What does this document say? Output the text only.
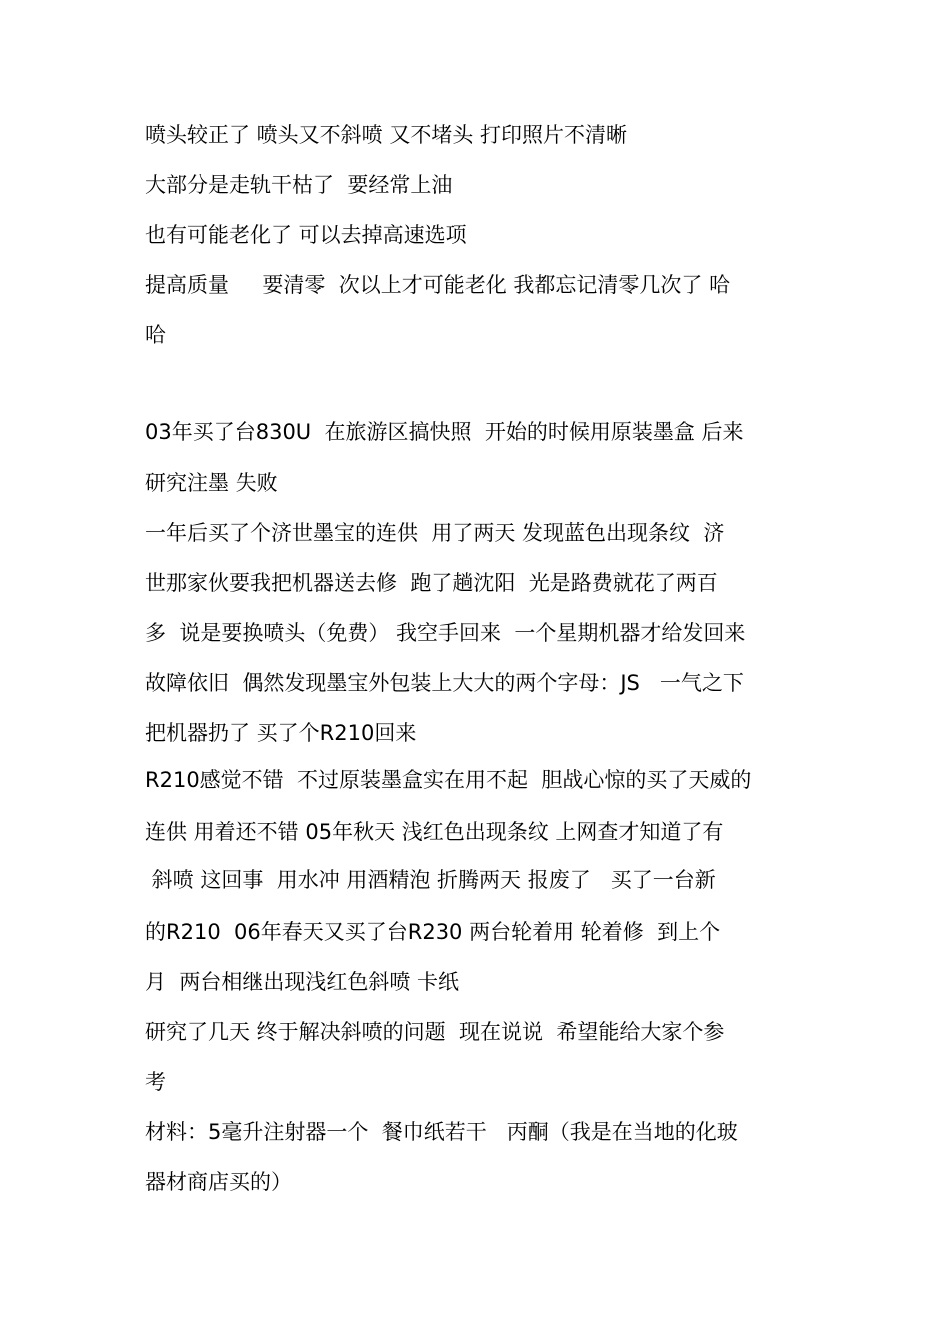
喷头较正了 喷头又不斜喷 又不堵头 打印照片不清晰
大部分是走轨干枯了  要经常上油
也有可能老化了 可以去掉高速选项
提高质量     要清零  次以上才可能老化 我都忘记清零几次了 哈
哈
03年买了台830U  在旅游区搞快照  开始的时候用原装墨盒 后来
研究注墨 失败
一年后买了个济世墨宝的连供  用了两天 发现蓝色出现条纹  济
世那家伙要我把机器送去修  跑了趟沈阳  光是路费就花了两百
多  说是要换喷头（免费） 我空手回来  一个星期机器才给发回来
故障依旧  偶然发现墨宝外包装上大大的两个字母：JS   一气之下
把机器扔了 买了个R210回来
R210感觉不错  不过原装墨盒实在用不起  胆战心惊的买了天威的
连供 用着还不错 05年秋天 浅红色出现条纹 上网查才知道了有
斜喷 这回事  用水冲 用酒精泡 折腾两天 报废了   买了一台新
的R210  06年春天又买了台R230 两台轮着用 轮着修  到上个
月  两台相继出现浅红色斜喷 卡纸
研究了几天 终于解决斜喷的问题  现在说说  希望能给大家个参
考
材料：5毫升注射器一个  餐巾纸若干   丙酮（我是在当地的化玻
器材商店买的）
